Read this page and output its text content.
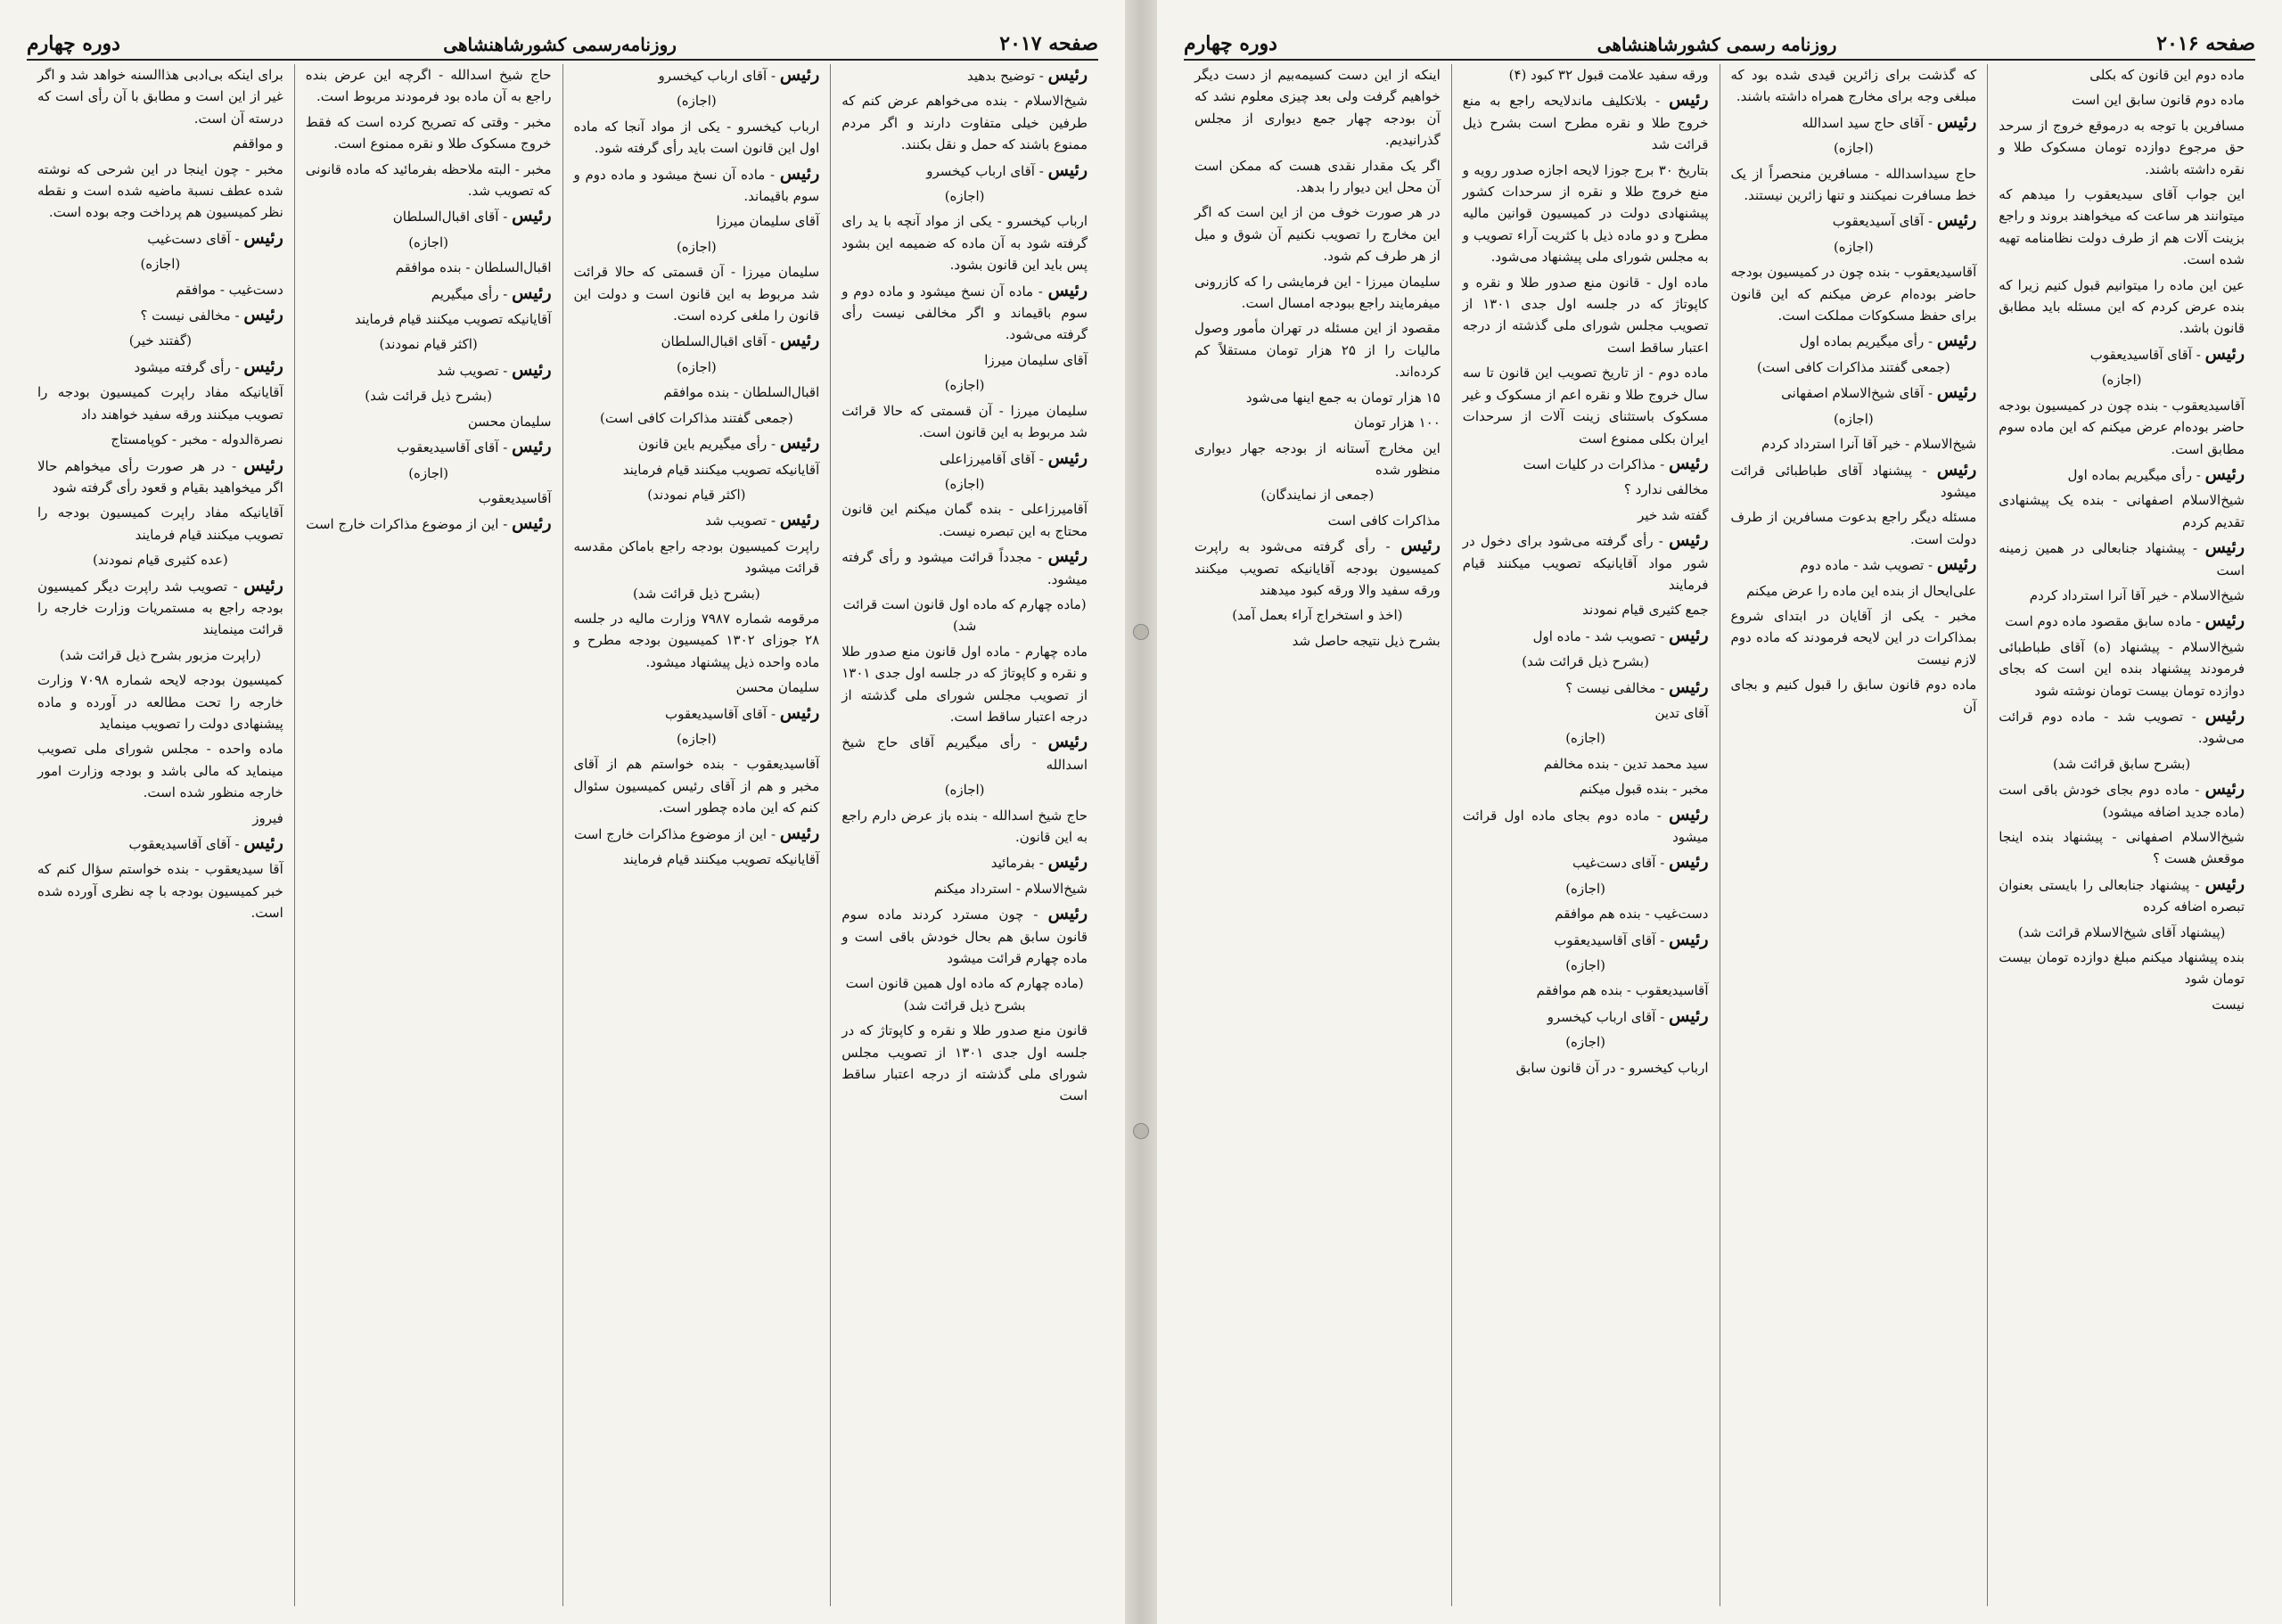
صفحه ۲۰۱۷
روزنامه‌رسمی کشورشاهنشاهی
دوره چهارم

رئیس - توضیح بدهید

شیخ‌الاسلام - بنده می‌خواهم عرض کنم که طرفین خیلی متفاوت دارند و اگر مردم ممنوع باشند که حمل و نقل بکنند.

رئیس - آقای ارباب کیخسرو

(اجازه)

ارباب کیخسرو - یکی از مواد آنچه با ید رای گرفته شود به آن ماده که ضمیمه این بشود پس باید این قانون بشود.

رئیس - ماده آن نسخ میشود و ماده دوم و سوم باقیماند و اگر مخالفی نیست رأی گرفته می‌شود.

آقای سلیمان میرزا

(اجازه)

سلیمان میرزا - آن قسمتی که حالا قرائت شد مربوط به این قانون است.

رئیس - آقای آقامیرزاعلی

(اجازه)

آقامیرزاعلی - بنده گمان میکنم این قانون محتاج به این تبصره نیست.

رئیس - مجدداً قرائت میشود و رأی گرفته میشود.

(ماده چهارم که ماده اول قانون است قرائت شد)

ماده چهارم - ماده اول قانون منع صدور طلا و نقره و کاپوتاژ که در جلسه اول جدی ۱۳۰۱ از تصویب مجلس شورای ملی گذشته از درجه اعتبار ساقط است.

رئیس - رأی میگیریم آقای حاج شیخ اسدالله

(اجازه)

حاج شیخ اسدالله - بنده باز عرض دارم راجع به این قانون.

رئیس - بفرمائید

شیخ‌الاسلام - استرداد میکنم

رئیس - چون مسترد کردند ماده سوم قانون سابق هم بحال خودش باقی است و ماده چهارم قرائت میشود

(ماده چهارم که ماده اول همین قانون است بشرح ذیل قرائت شد)

قانون منع صدور طلا و نقره و کاپوتاژ که در جلسه اول جدی ۱۳۰۱ از تصویب مجلس شورای ملی گذشته از درجه اعتبار ساقط است

رئیس - آقای ارباب کیخسرو

(اجازه)

ارباب کیخسرو - یکی از مواد آنجا که ماده اول این قانون است باید رأی گرفته شود.

رئیس - ماده آن نسخ میشود و ماده دوم و سوم باقیماند.

آقای سلیمان میرزا

(اجازه)

سلیمان میرزا - آن قسمتی که حالا قرائت شد مربوط به این قانون است و دولت این قانون را ملغی کرده است.

رئیس - آقای اقبال‌السلطان

(اجازه)

اقبال‌السلطان - بنده موافقم

(جمعی گفتند مذاکرات کافی است)

رئیس - رأی میگیریم باین قانون

آقایانیکه تصویب میکنند قیام فرمایند

(اکثر قیام نمودند)

رئیس - تصویب شد

راپرت کمیسیون بودجه راجع باماکن مقدسه قرائت میشود

(بشرح ذیل قرائت شد)

مرقومه شماره ۷۹۸۷ وزارت مالیه در جلسه ۲۸ جوزای ۱۳۰۲ کمیسیون بودجه مطرح و ماده واحده ذیل پیشنهاد میشود.

سلیمان محسن

رئیس - آقای آقاسیدیعقوب

(اجازه)

آقاسیدیعقوب - بنده خواستم هم از آقای مخبر و هم از آقای رئیس کمیسیون سئوال کنم که این ماده چطور است.

رئیس - این از موضوع مذاکرات خارج است

آقایانیکه تصویب میکنند قیام فرمایند

حاج شیخ اسدالله - اگرچه این عرض بنده راجع به آن ماده بود فرمودند مربوط است.

مخبر - وقتی که تصریح کرده است که فقط خروج مسکوک طلا و نقره ممنوع است.

مخبر - البته ملاحظه بفرمائید که ماده قانونی که تصویب شد.

رئیس - آقای اقبال‌السلطان

(اجازه)

اقبال‌السلطان - بنده موافقم

رئیس - رأی میگیریم

آقایانیکه تصویب میکنند قیام فرمایند

(اکثر قیام نمودند)

رئیس - تصویب شد

(بشرح ذیل قرائت شد)

سلیمان محسن

رئیس - آقای آقاسیدیعقوب

(اجازه)

آقاسیدیعقوب

رئیس - این از موضوع مذاکرات خارج است

برای اینکه بی‌ادبی هذاالسنه خواهد شد و اگر غیر از این است و مطابق با آن رأی است که درسته آن است.

و مواقفم

مخبر - چون اینجا در این شرحی که نوشته شده عطف نسبة ماضیه شده است و نقطه نظر کمیسیون هم پرداخت وجه بوده است.

رئیس - آقای دست‌غیب

(اجازه)

دست‌غیب - موافقم

رئیس - مخالفی نیست ؟

(گفتند خیر)

رئیس - رأی گرفته میشود

آقایانیکه مفاد راپرت کمیسیون بودجه را تصویب میکنند ورقه سفید خواهند داد

نصرةالدوله - مخبر - کوپامستاج

رئیس - در هر صورت رأی میخواهم حالا اگر میخواهید بقیام و قعود رأی گرفته شود

آقایانیکه مفاد راپرت کمیسیون بودجه را تصویب میکنند قیام فرمایند

(عده کثیری قیام نمودند)

رئیس - تصویب شد راپرت دیگر کمیسیون بودجه راجع به مستمریات وزارت خارجه را قرائت مینمایند

(راپرت مزبور بشرح ذیل قرائت شد)

کمیسیون بودجه لایحه شماره ۷۰۹۸ وزارت خارجه را تحت مطالعه در آورده و ماده پیشنهادی دولت را تصویب مینماید

ماده واحده - مجلس شورای ملی تصویب مینماید که مالی باشد و بودجه وزارت امور خارجه منظور شده است.

فیروز

رئیس - آقای آقاسیدیعقوب

آقا سیدیعقوب - بنده خواستم سؤال کنم که خبر کمیسیون بودجه با چه نظری آورده شده است.

صفحه ۲۰۱۶
روزنامه رسمی کشورشاهنشاهی
دوره چهارم

ماده دوم این قانون که بکلی

ماده دوم قانون سابق این است

مسافرین با توجه به درموقع خروج از سرحد حق مرجوع دوازده تومان مسکوک طلا و نقره داشته باشند.

این جواب آقای سیدیعقوب را میدهم که میتوانند هر ساعت که میخواهند بروند و راجع بزینت آلات هم از طرف دولت نظامنامه تهیه شده است.

عین این ماده را میتوانیم قبول کنیم زیرا که بنده عرض کردم که این مسئله باید مطابق قانون باشد.

رئیس - آقای آقاسیدیعقوب

(اجازه)

آقاسیدیعقوب - بنده چون در کمیسیون بودجه حاضر بوده‌ام عرض میکنم که این ماده سوم مطابق است.

رئیس - رأی میگیریم بماده اول

شیخ‌الاسلام اصفهانی - بنده یک پیشنهادی تقدیم کردم

رئیس - پیشنهاد جنابعالی در همین زمینه است

شیخ‌الاسلام - خیر آقا آنرا استرداد کردم

رئیس - ماده سابق مقصود ماده دوم است

شیخ‌الاسلام - پیشنهاد (ه) آقای طباطبائی فرمودند پیشنهاد بنده این است که بجای دوازده تومان بیست تومان نوشته شود

رئیس - تصویب شد - ماده دوم قرائت می‌شود.

(بشرح سابق قرائت شد)

رئیس - ماده دوم بجای خودش باقی است (ماده جدید اضافه میشود)

شیخ‌الاسلام اصفهانی - پیشنهاد بنده اینجا موقعش هست ؟

رئیس - پیشنهاد جنابعالی را بایستی بعنوان تبصره اضافه کرده

(پیشنهاد آقای شیخ‌الاسلام قرائت شد)

بنده پیشنهاد میکنم مبلغ دوازده تومان بیست تومان شود

نیست

که گذشت برای زائرین قیدی شده بود که مبلغی وجه برای مخارج همراه داشته باشند.

رئیس - آقای حاج سید اسدالله

(اجازه)

حاج سیداسدالله - مسافرین منحصراً از یک خط مسافرت نمیکنند و تنها زائرین نیستند.

رئیس - آقای آسیدیعقوب

(اجازه)

آقاسیدیعقوب - بنده چون در کمیسیون بودجه حاضر بوده‌ام عرض میکنم که این قانون برای حفظ مسکوکات مملکت است.

رئیس - رأی میگیریم بماده اول

(جمعی گفتند مذاکرات کافی است)

رئیس - آقای شیخ‌الاسلام اصفهانی

(اجازه)

شیخ‌الاسلام - خیر آقا آنرا استرداد کردم

رئیس - پیشنهاد آقای طباطبائی قرائت میشود

مسئله دیگر راجع بدعوت مسافرین از طرف دولت است.

رئیس - تصویب شد - ماده دوم

علی‌ایحال از بنده این ماده را عرض میکنم

مخبر - یکی از آقایان در ابتدای شروع بمذاکرات در این لایحه فرمودند که ماده دوم لازم نیست

ماده دوم قانون سابق را قبول کنیم و بجای آن

ورقه سفید علامت قبول ۳۲ کبود (۴)

رئیس - بلاتکلیف ماندلایحه راجع به منع خروج طلا و نقره مطرح است بشرح ذیل قرائت شد

بتاریخ ۳۰ برج جوزا لایحه اجازه صدور رویه و منع خروج طلا و نقره از سرحدات کشور پیشنهادی دولت در کمیسیون قوانین مالیه مطرح و دو ماده ذیل با کثریت آراء تصویب و به مجلس شورای ملی پیشنهاد می‌شود.

ماده اول - قانون منع صدور طلا و نقره و کاپوتاژ که در جلسه اول جدی ۱۳۰۱ از تصویب مجلس شورای ملی گذشته از درجه اعتبار ساقط است

ماده دوم - از تاریخ تصویب این قانون تا سه سال خروج طلا و نقره اعم از مسکوک و غیر مسکوک باستثنای زینت آلات از سرحدات ایران بکلی ممنوع است

رئیس - مذاکرات در کلیات است

مخالفی ندارد ؟

گفته شد خیر

رئیس - رأی گرفته می‌شود برای دخول در شور مواد آقایانیکه تصویب میکنند قیام فرمایند

جمع کثیری قیام نمودند

رئیس - تصویب شد - ماده اول

(بشرح ذیل قرائت شد)

رئیس - مخالفی نیست ؟

آقای تدین

(اجازه)

سید محمد تدین - بنده مخالفم

مخبر - بنده قبول میکنم

رئیس - ماده دوم بجای ماده اول قرائت میشود

رئیس - آقای دست‌غیب

(اجازه)

دست‌غیب - بنده هم موافقم

رئیس - آقای آقاسیدیعقوب

(اجازه)

آقاسیدیعقوب - بنده هم موافقم

رئیس - آقای ارباب کیخسرو

(اجازه)

ارباب کیخسرو - در آن قانون سابق

اینکه از این دست کسیمه‌بیم از دست دیگر خواهیم گرفت ولی بعد چیزی معلوم نشد که آن بودجه چهار جمع دیواری از مجلس گذرانیدیم.

اگر یک مقدار نقدی هست که ممکن است آن محل این دیوار را بدهد.

در هر صورت خوف من از این است که اگر این مخارج را تصویب نکنیم آن شوق و میل از هر طرف کم شود.

سلیمان میرزا - این فرمایشی را که کازرونی میفرمایند راجع ببودجه امسال است.

مقصود از این مسئله در تهران مأمور وصول مالیات را از ۲۵ هزار تومان مستقلاً کم کرده‌اند.

۱۵ هزار تومان به جمع اینها می‌شود

۱۰۰ هزار تومان

این مخارج آستانه از بودجه جهار دیواری منظور شده

(جمعی از نمایندگان)

مذاکرات کافی است

رئیس - رأی گرفته می‌شود به راپرت کمیسیون بودجه آقایانیکه تصویب میکنند ورقه سفید والا ورقه کبود میدهند

(اخذ و استخراج آراء بعمل آمد)

بشرح ذیل نتیجه حاصل شد
